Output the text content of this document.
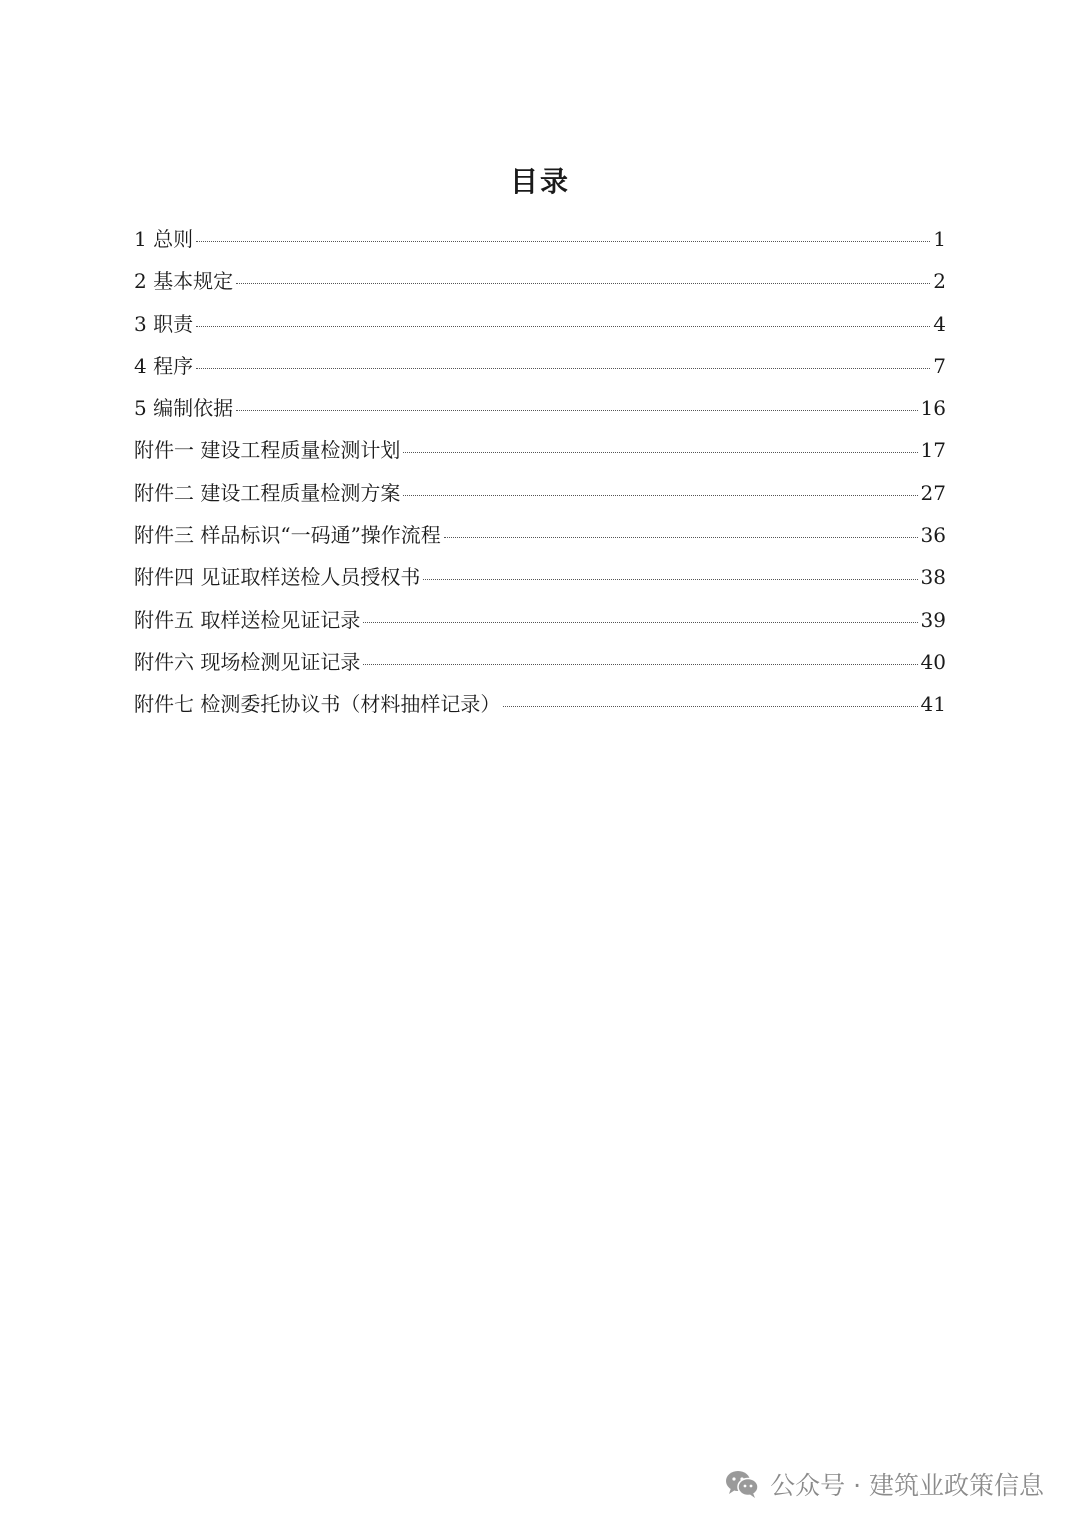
目录
1 总则	1
2 基本规定	2
3 职责	4
4 程序	7
5 编制依据	16
附件一 建设工程质量检测计划	17
附件二 建设工程质量检测方案	27
附件三 样品标识“一码通”操作流程	36
附件四 见证取样送检人员授权书	38
附件五 取样送检见证记录	39
附件六 现场检测见证记录	40
附件七 检测委托协议书（材料抽样记录）	41
公众号 · 建筑业政策信息
